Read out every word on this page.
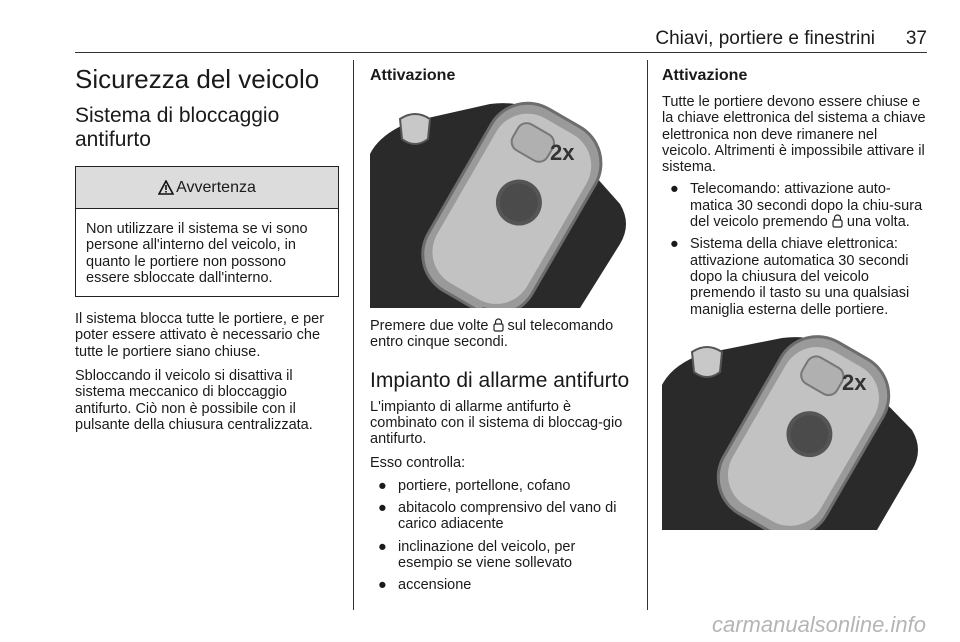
Chiavi, portiere e finestrini 37
Sicurezza del veicolo
Sistema di bloccaggio antifurto
Avvertenza
Non utilizzare il sistema se vi sono persone all'interno del veicolo, in quanto le portiere non possono essere sbloccate dall'interno.

Il sistema blocca tutte le portiere, e per poter essere attivato è necessario che tutte le portiere siano chiuse.

Sbloccando il veicolo si disattiva il sistema meccanico di bloccaggio antifurto. Ciò non è possibile con il pulsante della chiusura centralizzata.

Attivazione
2x

Premere due volte sul telecomando entro cinque secondi.

Impianto di allarme antifurto

L'impianto di allarme antifurto è combinato con il sistema di bloccag-gio antifurto.

Esso controlla:

● portiere, portellone, cofano
● abitacolo comprensivo del vano di carico adiacente
● inclinazione del veicolo, per esempio se viene sollevato
● accensione
Attivazione

Tutte le portiere devono essere chiuse e la chiave elettronica del sistema a chiave elettronica non deve rimanere nel veicolo. Altrimenti è impossibile attivare il sistema.

● Telecomando: attivazione auto-matica 30 secondi dopo la chiu-sura del veicolo premendo una volta.
● Sistema della chiave elettronica: attivazione automatica 30 secondi dopo la chiusura del veicolo premendo il tasto su una qualsiasi maniglia esterna delle portiere.
2x
carmanualsonline.info
